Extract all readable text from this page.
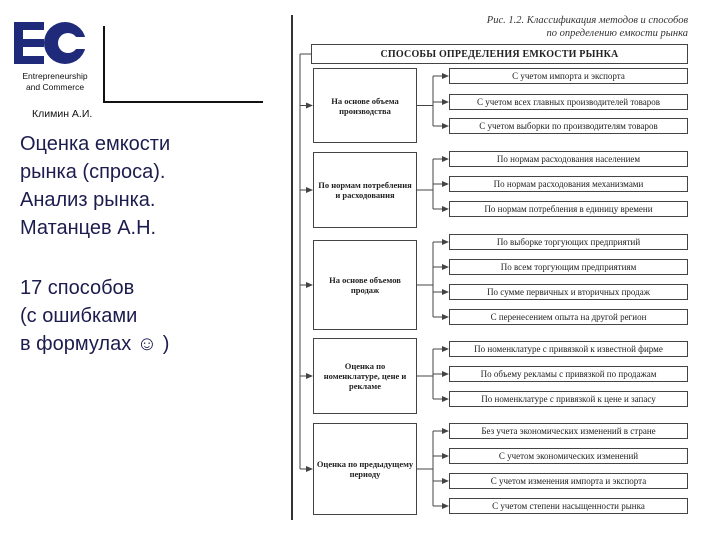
Entrepreneurship
and Commerce
Климин А.И.
Оценка емкости
рынка (спроса).
Анализ рынка.
Матанцев А.Н.
17 способов
(с ошибками
в формулах ☺ )
Рис. 1.2. Классификация методов и способов
по определению емкости рынка
СПОСОБЫ ОПРЕДЕЛЕНИЯ ЕМКОСТИ РЫНКА
На основе объема производства
С учетом импорта и экспорта
С учетом всех главных производителей товаров
С учетом выборки по производителям товаров
По нормам потребления и расходования
По нормам расходования населением
По нормам расходования механизмами
По нормам потребления в единицу времени
На основе объемов продаж
По выборке торгующих предприятий
По всем торгующим предприятиям
По сумме первичных и вторичных продаж
С перенесением опыта на другой регион
Оценка по номенклатуре, цене и рекламе
По номенклатуре с привязкой к известной фирме
По объему рекламы с привязкой по продажам
По номенклатуре с привязкой к цене и запасу
Оценка по предыдущему периоду
Без учета экономических изменений в стране
С учетом экономических изменений
С учетом изменения импорта и экспорта
С учетом степени насыщенности рынка
